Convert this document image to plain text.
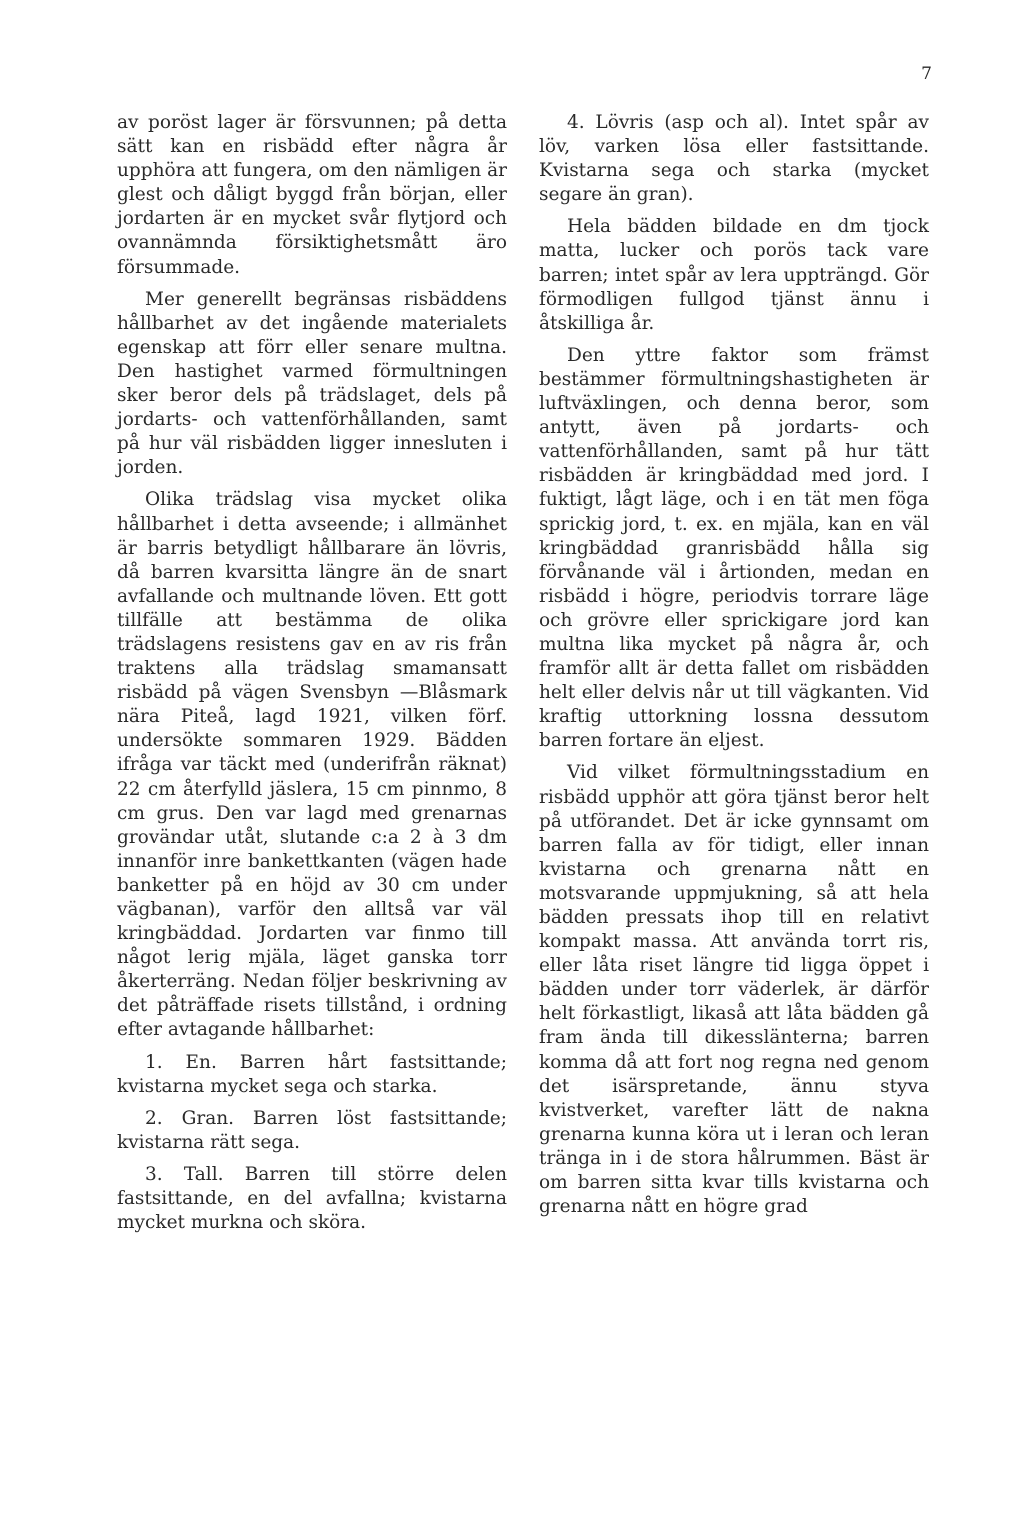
7

av poröst lager är försvunnen; på detta sätt kan en risbädd efter några år upphöra att fungera, om den nämligen är glest och dåligt byggd från början, eller jordarten är en mycket svår flytjord och ovannämnda försiktighetsmått äro försummade.

Mer generellt begränsas risbäddens hållbarhet av det ingående materialets egenskap att förr eller senare multna. Den hastighet varmed förmultningen sker beror dels på trädslaget, dels på jordarts- och vattenförhållanden, samt på hur väl risbädden ligger innesluten i jorden.

Olika trädslag visa mycket olika hållbarhet i detta avseende; i allmänhet är barris betydligt hållbarare än lövris, då barren kvarsitta längre än de snart avfallande och multnande löven. Ett gott tillfälle att bestämma de olika trädslagens resistens gav en av ris från traktens alla trädslag smamansatt risbädd på vägen Svensbyn —Blåsmark nära Piteå, lagd 1921, vilken förf. undersökte sommaren 1929. Bädden ifråga var täckt med (underifrån räknat) 22 cm återfylld jäslera, 15 cm pinnmo, 8 cm grus. Den var lagd med grenarnas grovändar utåt, slutande c:a 2 à 3 dm innanför inre bankettkanten (vägen hade banketter på en höjd av 30 cm under vägbanan), varför den alltså var väl kringbäddad. Jordarten var finmo till något lerig mjäla, läget ganska torr åkerterräng. Nedan följer beskrivning av det påträffade risets tillstånd, i ordning efter avtagande hållbarhet:

1. En. Barren hårt fastsittande; kvistarna mycket sega och starka.

2. Gran. Barren löst fastsittande; kvistarna rätt sega.

3. Tall. Barren till större delen fastsittande, en del avfallna; kvistarna mycket murkna och sköra.

4. Lövris (asp och al). Intet spår av löv, varken lösa eller fastsittande. Kvistarna sega och starka (mycket segare än gran).

Hela bädden bildade en dm tjock matta, lucker och porös tack vare barren; intet spår av lera uppträngd. Gör förmodligen fullgod tjänst ännu i åtskilliga år.

Den yttre faktor som främst bestämmer förmultningshastigheten är luftväxlingen, och denna beror, som antytt, även på jordarts- och vattenförhållanden, samt på hur tätt risbädden är kringbäddad med jord. I fuktigt, lågt läge, och i en tät men föga sprickig jord, t. ex. en mjäla, kan en väl kringbäddad granrisbädd hålla sig förvånande väl i årtionden, medan en risbädd i högre, periodvis torrare läge och grövre eller sprickigare jord kan multna lika mycket på några år, och framför allt är detta fallet om risbädden helt eller delvis når ut till vägkanten. Vid kraftig uttorkning lossna dessutom barren fortare än eljest.

Vid vilket förmultningsstadium en risbädd upphör att göra tjänst beror helt på utförandet. Det är icke gynnsamt om barren falla av för tidigt, eller innan kvistarna och grenarna nått en motsvarande uppmjukning, så att hela bädden pressats ihop till en relativt kompakt massa. Att använda torrt ris, eller låta riset längre tid ligga öppet i bädden under torr väderlek, är därför helt förkastligt, likaså att låta bädden gå fram ända till dikesslänterna; barren komma då att fort nog regna ned genom det isärspretande, ännu styva kvistverket, varefter lätt de nakna grenarna kunna köra ut i leran och leran tränga in i de stora hålrummen. Bäst är om barren sitta kvar tills kvistarna och grenarna nått en högre grad
